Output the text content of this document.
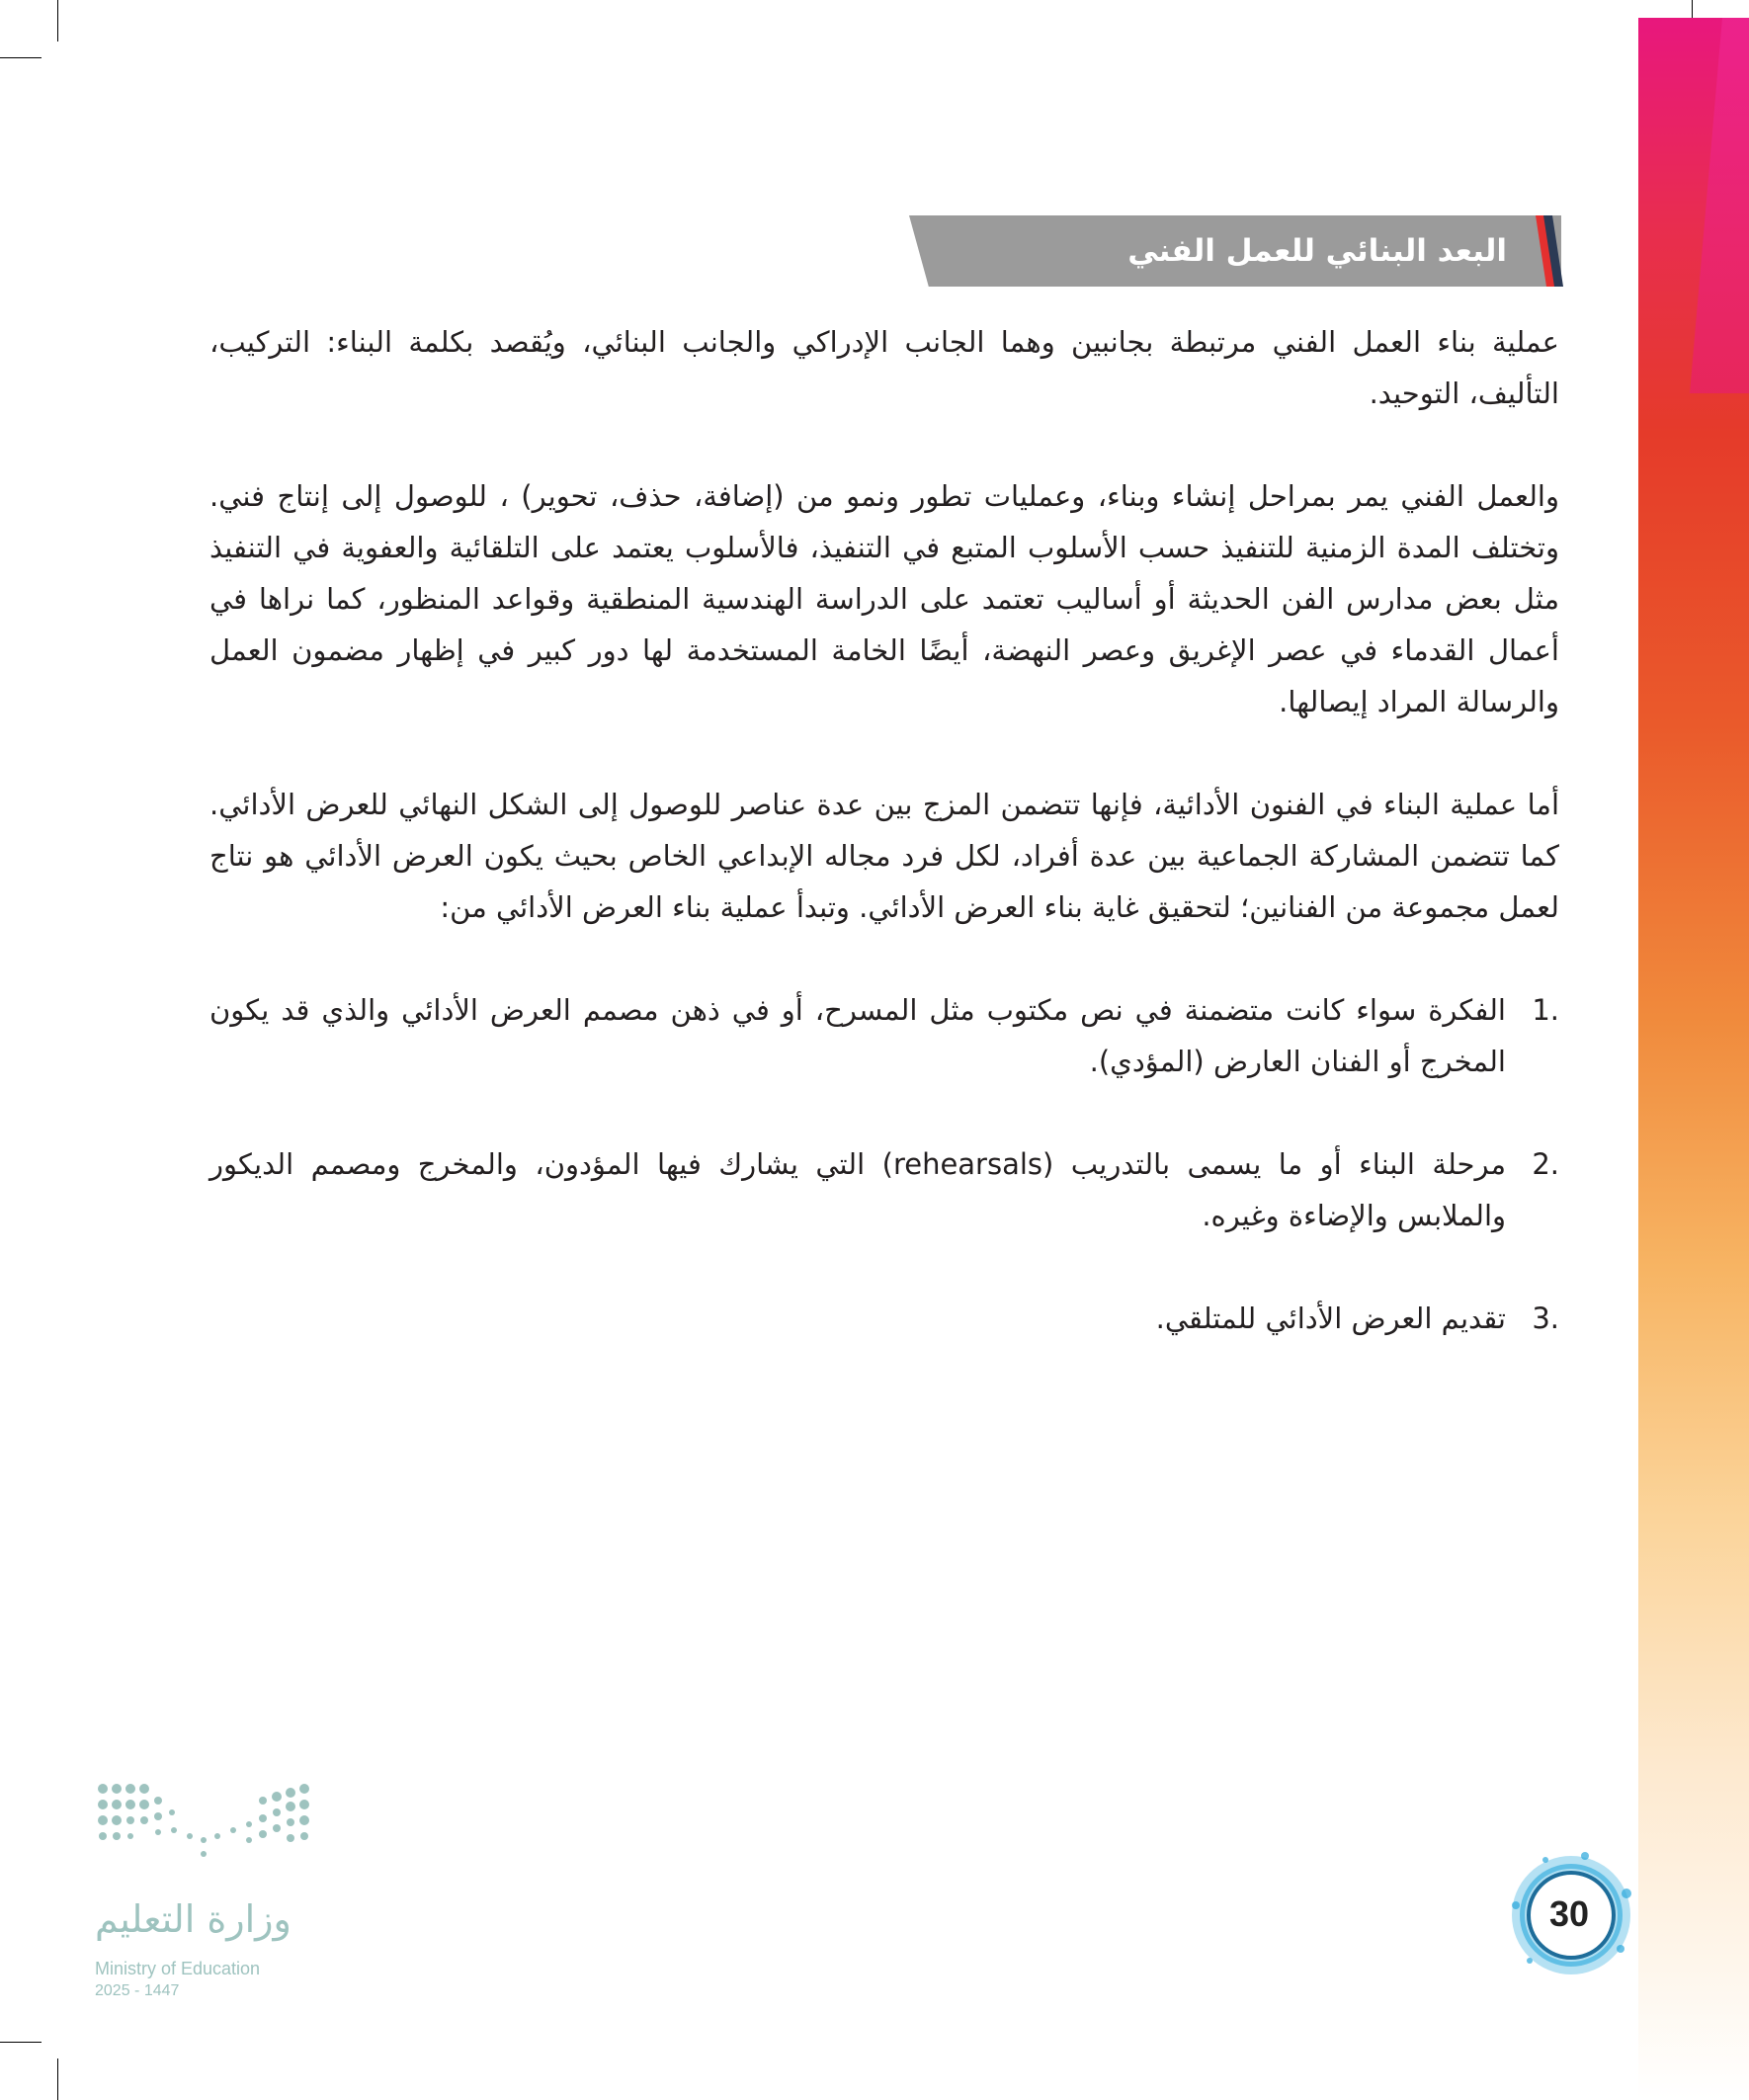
البعد البنائي للعمل الفني

عملية بناء العمل الفني مرتبطة بجانبين وهما الجانب الإدراكي والجانب البنائي، ويُقصد بكلمة البناء: التركيب، التأليف، التوحيد.

والعمل الفني يمر بمراحل إنشاء وبناء، وعمليات تطور ونمو من (إضافة، حذف، تحوير) ، للوصول إلى إنتاج فني. وتختلف المدة الزمنية للتنفيذ حسب الأسلوب المتبع في التنفيذ، فالأسلوب يعتمد على التلقائية والعفوية في التنفيذ مثل بعض مدارس الفن الحديثة أو أساليب تعتمد على الدراسة الهندسية المنطقية وقواعد المنظور، كما نراها في أعمال القدماء في عصر الإغريق وعصر النهضة، أيضًا الخامة المستخدمة لها دور كبير في إظهار مضمون العمل والرسالة المراد إيصالها.

أما عملية البناء في الفنون الأدائية، فإنها تتضمن المزج بين عدة عناصر للوصول إلى الشكل النهائي للعرض الأدائي. كما تتضمن المشاركة الجماعية بين عدة أفراد، لكل فرد مجاله الإبداعي الخاص بحيث يكون العرض الأدائي هو نتاج لعمل مجموعة من الفنانين؛ لتحقيق غاية بناء العرض الأدائي. وتبدأ عملية بناء العرض الأدائي من:

1.
الفكرة سواء كانت متضمنة في نص مكتوب مثل المسرح، أو في ذهن مصمم العرض الأدائي والذي قد يكون المخرج أو الفنان العارض (المؤدي).
2.
مرحلة البناء أو ما يسمى بالتدريب (rehearsals) التي يشارك فيها المؤدون، والمخرج ومصمم الديكور والملابس والإضاءة وغيره.
3.
تقديم العرض الأدائي للمتلقي.
وزارة التعليم
Ministry of Education
2025 - 1447
30
